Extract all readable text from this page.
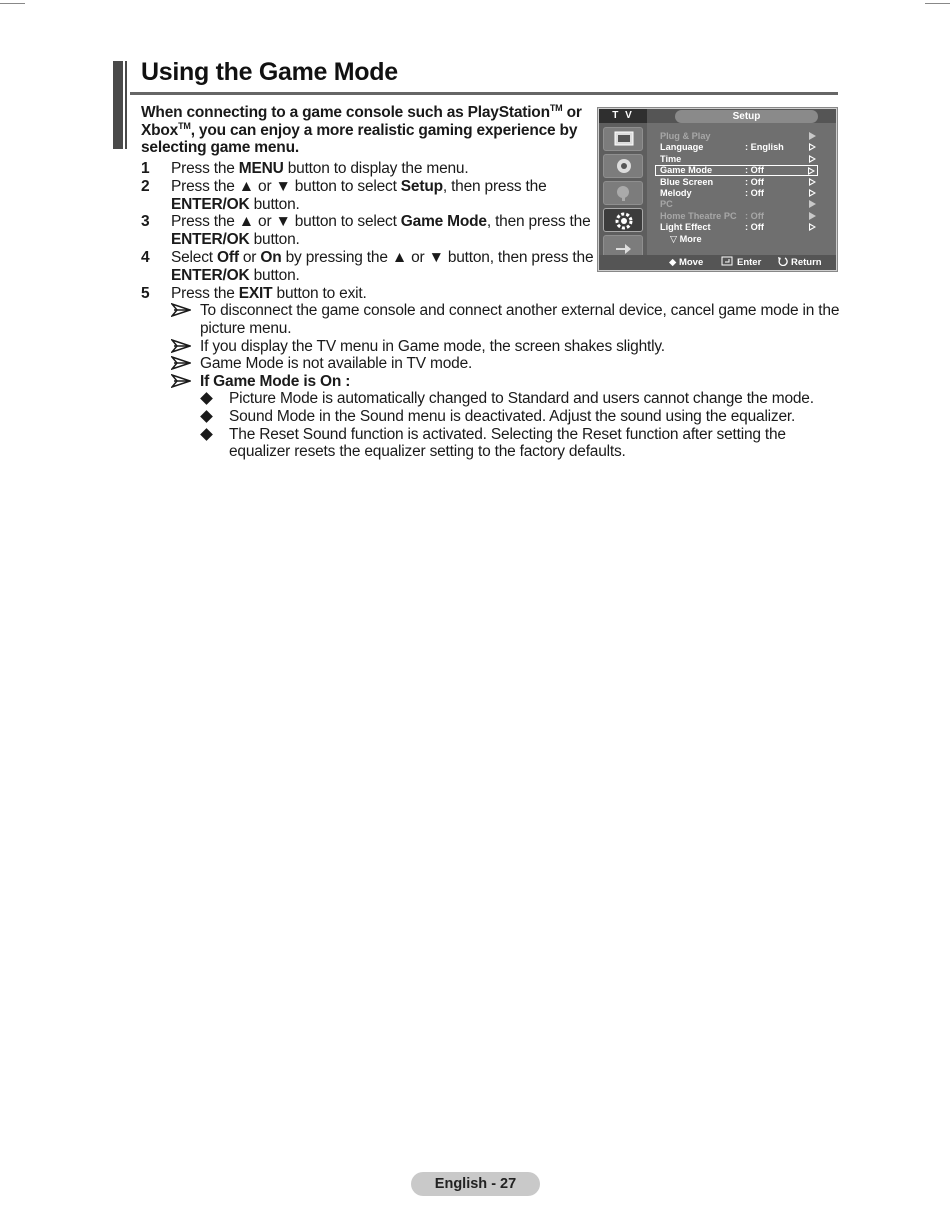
Using the Game Mode

When connecting to a game console such as PlayStation™ or Xbox™, you can enjoy a more realistic gaming experience by selecting game menu.

1 Press the MENU button to display the menu.
2 Press the ▲ or ▼ button to select Setup, then press the ENTER/OK button.
3 Press the ▲ or ▼ button to select Game Mode, then press the ENTER/OK button.
4 Select Off or On by pressing the ▲ or ▼ button, then press the ENTER/OK button.
5 Press the EXIT button to exit.
To disconnect the game console and connect another external device, cancel game mode in the picture menu.
If you display the TV menu in Game mode, the screen shakes slightly.
Game Mode is not available in TV mode.
If Game Mode is On :
Picture Mode is automatically changed to Standard and users cannot change the mode.
Sound Mode in the Sound menu is deactivated. Adjust the sound using the equalizer.
The Reset Sound function is activated. Selecting the Reset function after setting the equalizer resets the equalizer setting to the factory defaults.
T V	Setup
Plug & Play
Language	: English
Time
Game Mode	: Off
Blue Screen	: Off
Melody	: Off
PC
Home Theatre PC : Off
Light Effect	: Off
▽ More
◆ Move	Enter	Return
English - 27
